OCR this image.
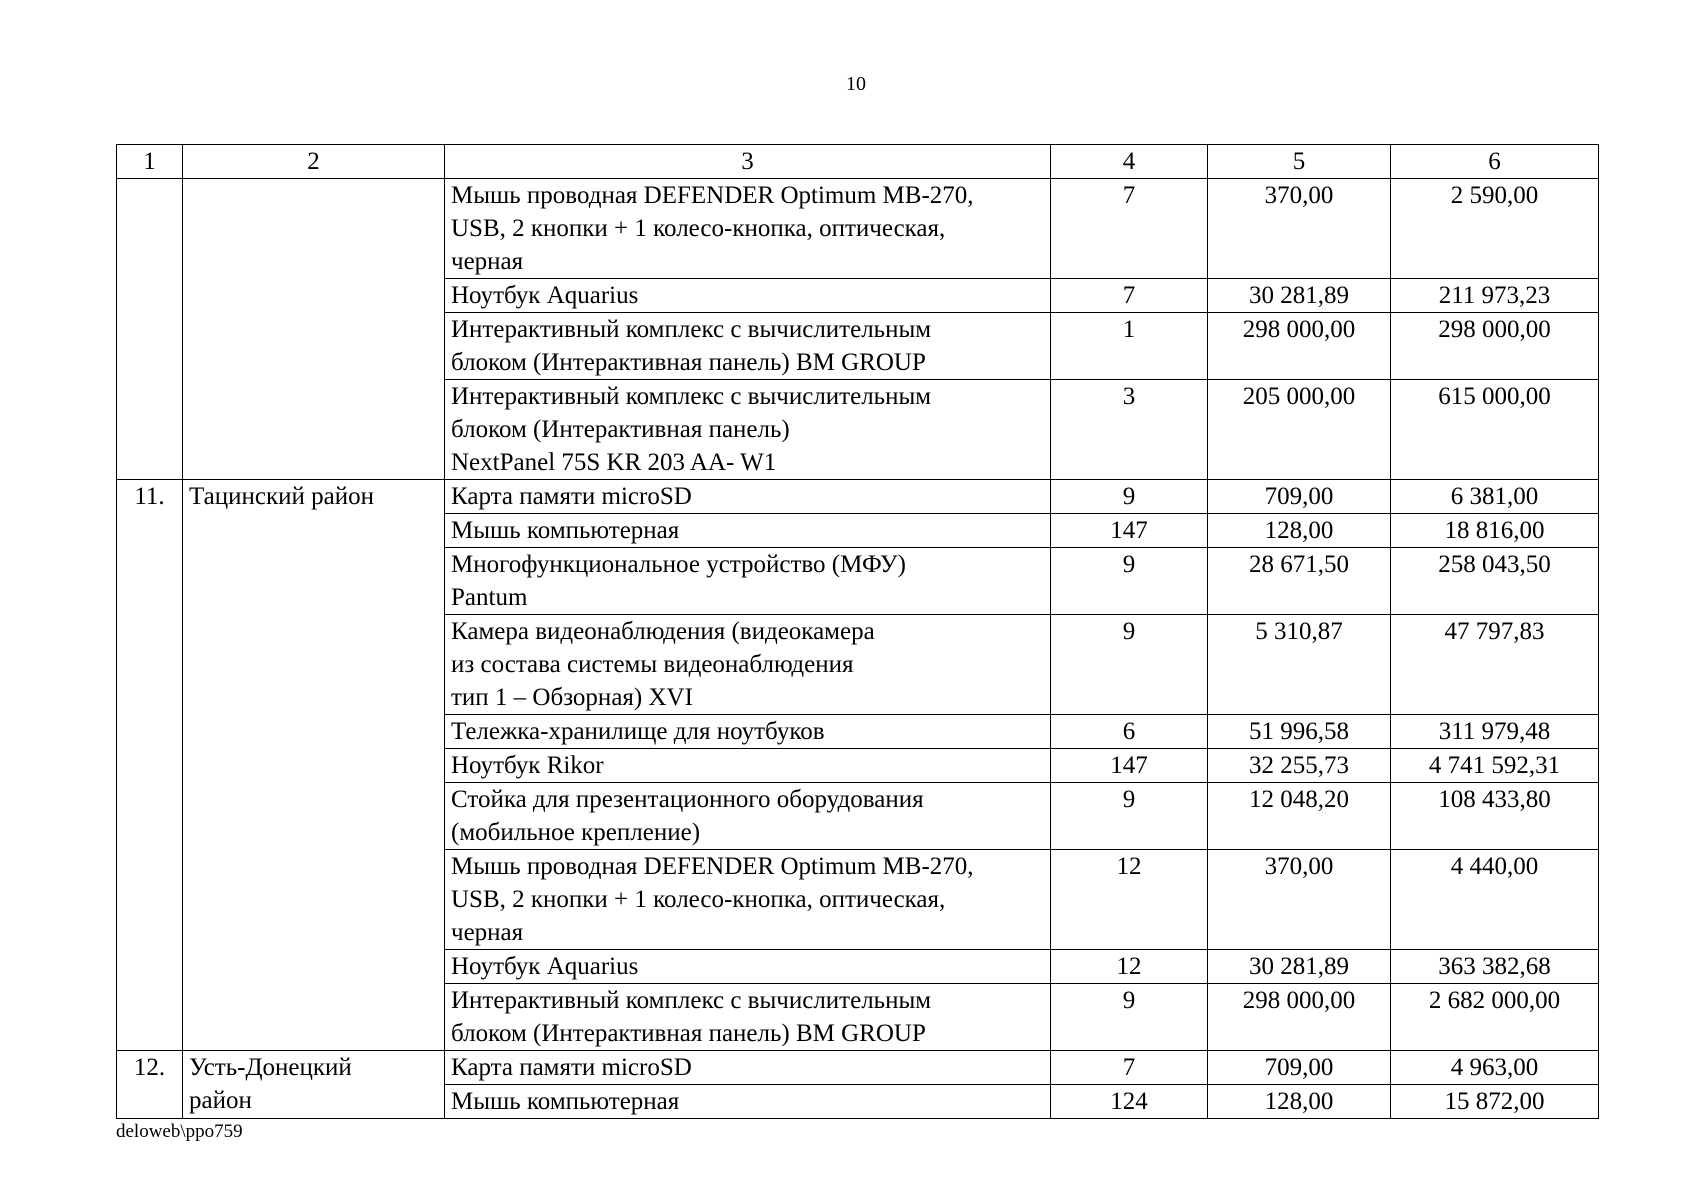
10
1	2	3	4	5	6
		Мышь проводная DEFENDER Optimum MB-270,
USB, 2 кнопки + 1 колесо-кнопка, оптическая,
черная	7	370,00	2 590,00
		Ноутбук Aquarius	7	30 281,89	211 973,23
		Интерактивный комплекс с вычислительным
блоком (Интерактивная панель) BM GROUP	1	298 000,00	298 000,00
		Интерактивный комплекс с вычислительным
блоком (Интерактивная панель)
NextPanel 75S KR 203 AA- W1	3	205 000,00	615 000,00
11.	Тацинский район	Карта памяти microSD	9	709,00	6 381,00
		Мышь компьютерная	147	128,00	18 816,00
		Многофункциональное устройство (МФУ)
Pantum	9	28 671,50	258 043,50
		Камера видеонаблюдения (видеокамера
из состава системы видеонаблюдения
тип 1 – Обзорная) XVI	9	5 310,87	47 797,83
		Тележка-хранилище для ноутбуков	6	51 996,58	311 979,48
		Ноутбук Rikor	147	32 255,73	4 741 592,31
		Стойка для презентационного оборудования
(мобильное крепление)	9	12 048,20	108 433,80
		Мышь проводная DEFENDER Optimum MB-270,
USB, 2 кнопки + 1 колесо-кнопка, оптическая,
черная	12	370,00	4 440,00
		Ноутбук Aquarius	12	30 281,89	363 382,68
		Интерактивный комплекс с вычислительным
блоком (Интерактивная панель) BM GROUP	9	298 000,00	2 682 000,00
12.	Усть-Донецкий
район	Карта памяти microSD	7	709,00	4 963,00
		Мышь компьютерная	124	128,00	15 872,00
deloweb\ppo759
